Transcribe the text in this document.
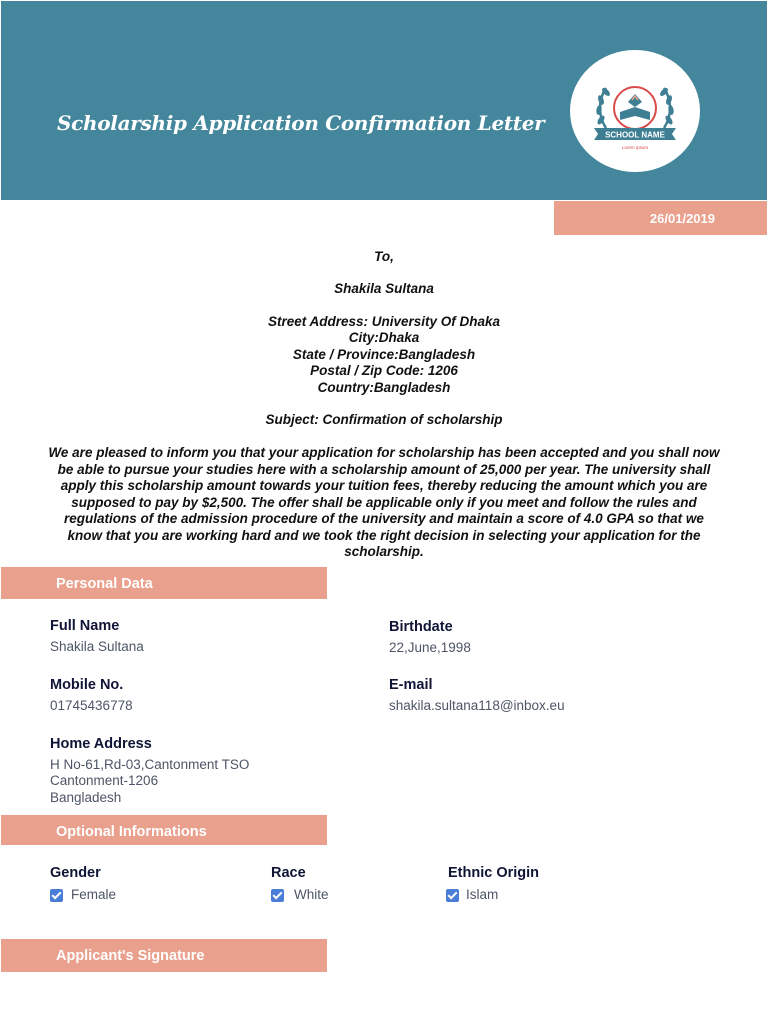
Scholarship Application Confirmation Letter	SCHOOL NAME
Lorem Ipsum
26/01/2019
To,
Shakila Sultana
Street Address: University Of Dhaka
City:Dhaka
State / Province:Bangladesh
Postal / Zip Code: 1206
Country:Bangladesh
Subject: Confirmation of scholarship
We are pleased to inform you that your application for scholarship has been accepted and you shall now be able to pursue your studies here with a scholarship amount of 25,000 per year. The university shall apply this scholarship amount towards your tuition fees, thereby reducing the amount which you are supposed to pay by $2,500. The offer shall be applicable only if you meet and follow the rules and regulations of the admission procedure of the university and maintain a score of 4.0 GPA so that we know that you are working hard and we took the right decision in selecting your application for the scholarship.
Personal Data
Full Name
Shakila Sultana
Birthdate
22,June,1998
Mobile No.
01745436778
E-mail
shakila.sultana118@inbox.eu
Home Address
H No-61,Rd-03,Cantonment TSO
Cantonment-1206
Bangladesh
Optional Informations
Gender
Female
Race
White
Ethnic Origin
Islam
Applicant's Signature
